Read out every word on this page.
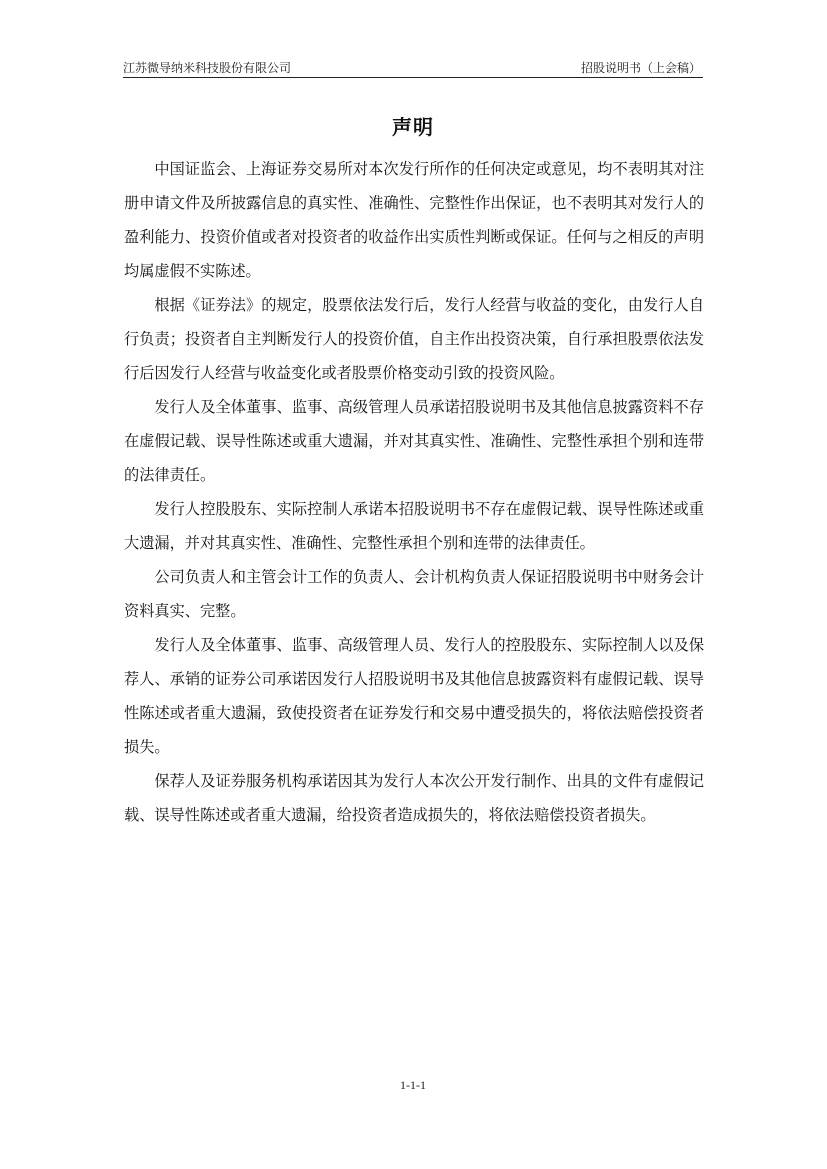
江苏微导纳米科技股份有限公司	招股说明书（上会稿）
声明

中国证监会、上海证券交易所对本次发行所作的任何决定或意见，均不表明其对注册申请文件及所披露信息的真实性、准确性、完整性作出保证，也不表明其对发行人的盈利能力、投资价值或者对投资者的收益作出实质性判断或保证。任何与之相反的声明均属虚假不实陈述。

根据《证券法》的规定，股票依法发行后，发行人经营与收益的变化，由发行人自行负责；投资者自主判断发行人的投资价值，自主作出投资决策，自行承担股票依法发行后因发行人经营与收益变化或者股票价格变动引致的投资风险。

发行人及全体董事、监事、高级管理人员承诺招股说明书及其他信息披露资料不存在虚假记载、误导性陈述或重大遗漏，并对其真实性、准确性、完整性承担个别和连带的法律责任。

发行人控股股东、实际控制人承诺本招股说明书不存在虚假记载、误导性陈述或重大遗漏，并对其真实性、准确性、完整性承担个别和连带的法律责任。

公司负责人和主管会计工作的负责人、会计机构负责人保证招股说明书中财务会计资料真实、完整。

发行人及全体董事、监事、高级管理人员、发行人的控股股东、实际控制人以及保荐人、承销的证券公司承诺因发行人招股说明书及其他信息披露资料有虚假记载、误导性陈述或者重大遗漏，致使投资者在证券发行和交易中遭受损失的，将依法赔偿投资者损失。

保荐人及证券服务机构承诺因其为发行人本次公开发行制作、出具的文件有虚假记载、误导性陈述或者重大遗漏，给投资者造成损失的，将依法赔偿投资者损失。

1-1-1
